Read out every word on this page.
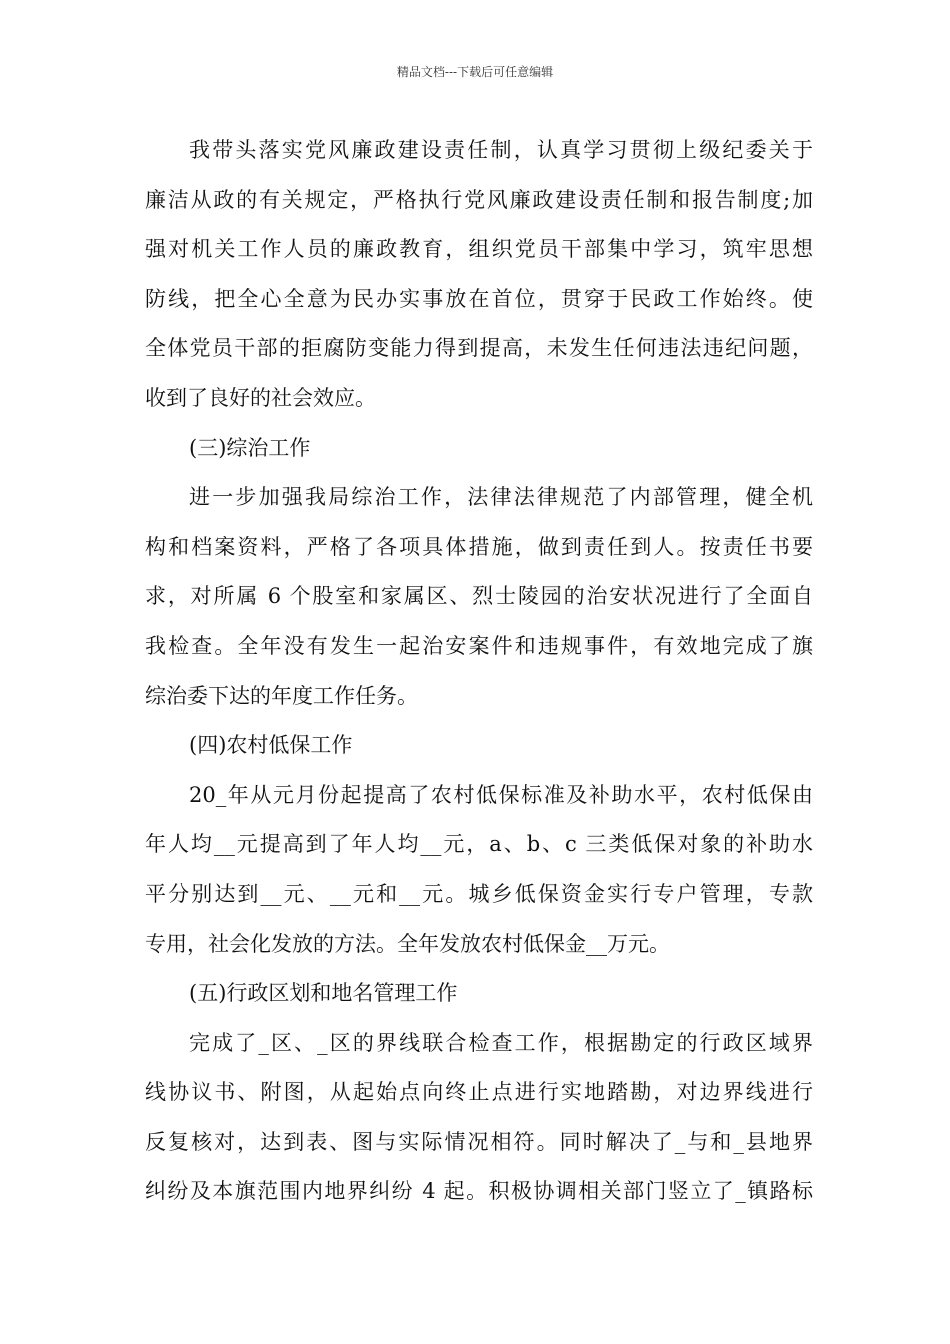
精品文档---下载后可任意编辑
我带头落实党风廉政建设责任制，认真学习贯彻上级纪委关于
廉洁从政的有关规定，严格执行党风廉政建设责任制和报告制度;加
强对机关工作人员的廉政教育，组织党员干部集中学习，筑牢思想
防线，把全心全意为民办实事放在首位，贯穿于民政工作始终。使
全体党员干部的拒腐防变能力得到提高，未发生任何违法违纪问题，
收到了良好的社会效应。
(三)综治工作
进一步加强我局综治工作，法律法律规范了内部管理，健全机
构和档案资料，严格了各项具体措施，做到责任到人。按责任书要
求，对所属 6 个股室和家属区、烈士陵园的治安状况进行了全面自
我检查。全年没有发生一起治安案件和违规事件，有效地完成了旗
综治委下达的年度工作任务。
(四)农村低保工作
20_年从元月份起提高了农村低保标准及补助水平，农村低保由
年人均__元提高到了年人均__元，a、b、c 三类低保对象的补助水
平分别达到__元、__元和__元。城乡低保资金实行专户管理，专款
专用，社会化发放的方法。全年发放农村低保金__万元。
(五)行政区划和地名管理工作
完成了_区、_区的界线联合检查工作，根据勘定的行政区域界
线协议书、附图，从起始点向终止点进行实地踏勘，对边界线进行
反复核对，达到表、图与实际情况相符。同时解决了_与和_县地界
纠纷及本旗范围内地界纠纷 4 起。积极协调相关部门竖立了_镇路标
